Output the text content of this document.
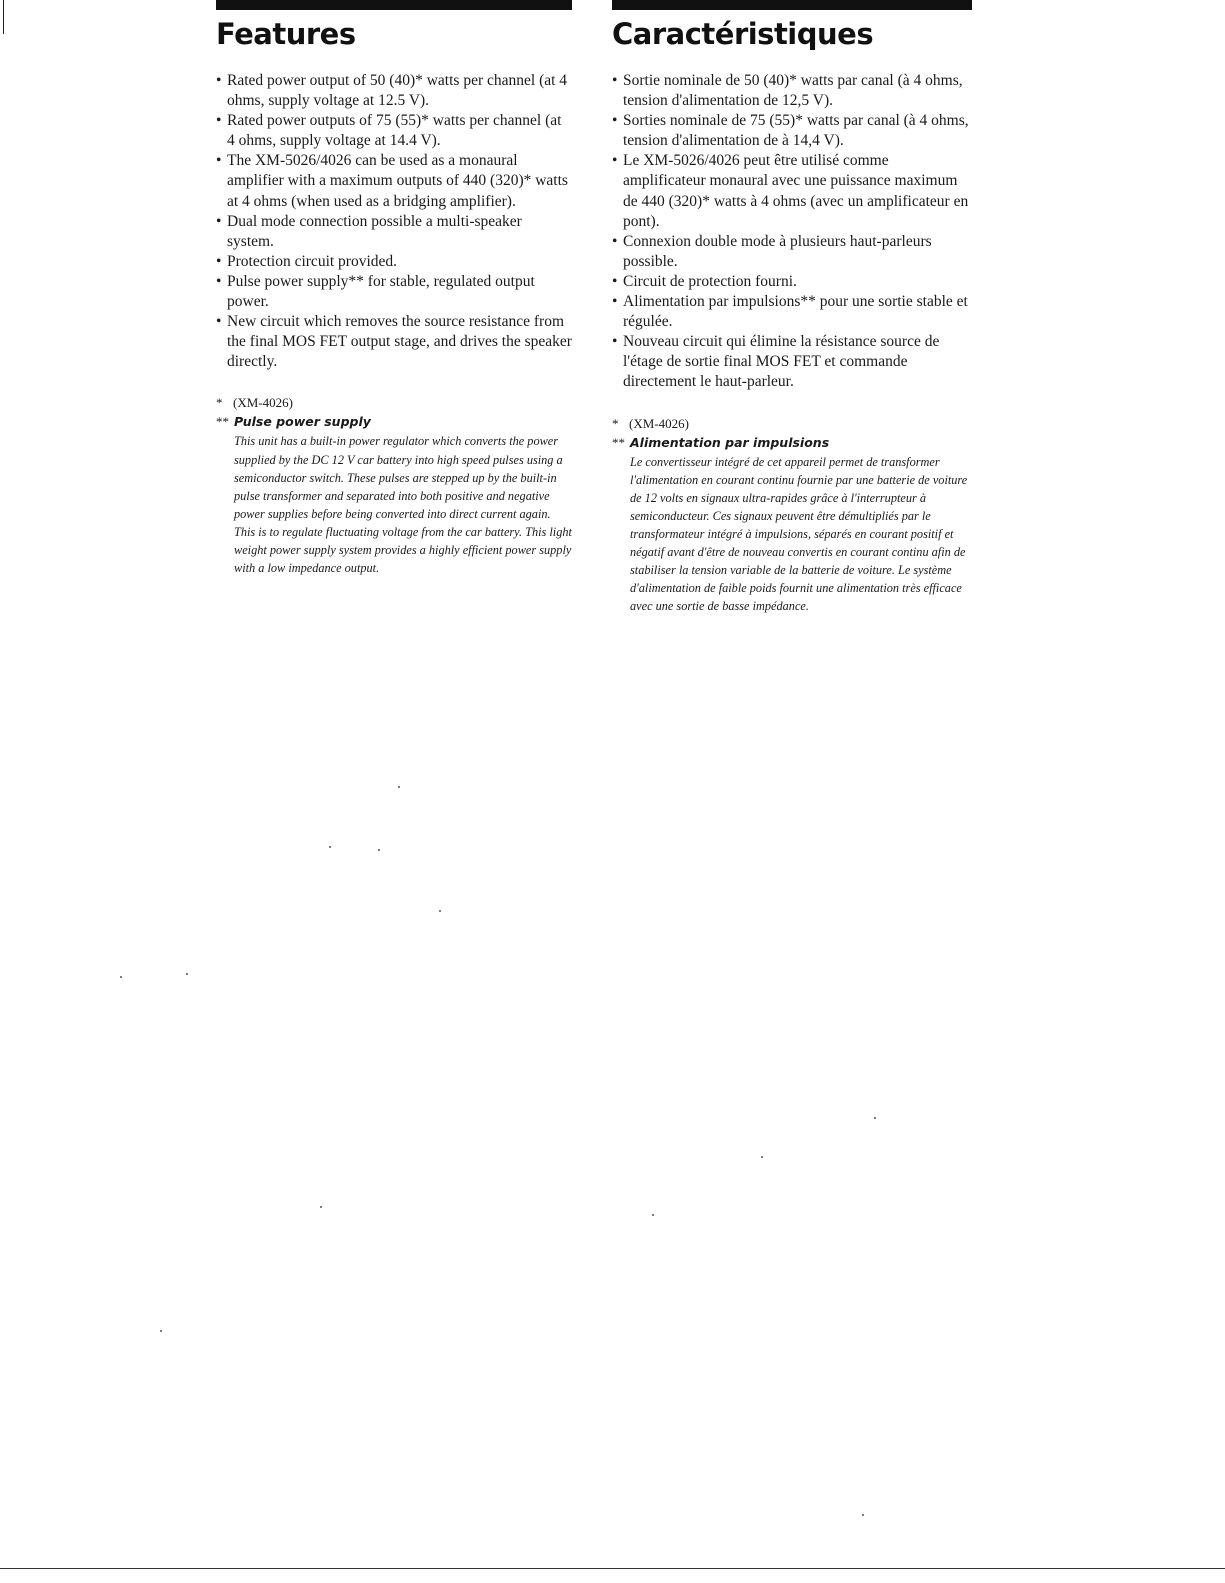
Features
• Rated power output of 50 (40)* watts per channel (at 4 ohms, supply voltage at 12.5 V).
• Rated power outputs of 75 (55)* watts per channel (at 4 ohms, supply voltage at 14.4 V).
• The XM-5026/4026 can be used as a monaural amplifier with a maximum outputs of 440 (320)* watts at 4 ohms (when used as a bridging amplifier).
• Dual mode connection possible a multi-speaker system.
• Protection circuit provided.
• Pulse power supply** for stable, regulated output power.
• New circuit which removes the source resistance from the final MOS FET output stage, and drives the speaker directly.
* (XM-4026)
** Pulse power supply
This unit has a built-in power regulator which converts the power supplied by the DC 12 V car battery into high speed pulses using a semiconductor switch. These pulses are stepped up by the built-in pulse transformer and separated into both positive and negative power supplies before being converted into direct current again. This is to regulate fluctuating voltage from the car battery. This light weight power supply system provides a highly efficient power supply with a low impedance output.
Caractéristiques
• Sortie nominale de 50 (40)* watts par canal (à 4 ohms, tension d'alimentation de 12,5 V).
• Sorties nominale de 75 (55)* watts par canal (à 4 ohms, tension d'alimentation de à 14,4 V).
• Le XM-5026/4026 peut être utilisé comme amplificateur monaural avec une puissance maximum de 440 (320)* watts à 4 ohms (avec un amplificateur en pont).
• Connexion double mode à plusieurs haut-parleurs possible.
• Circuit de protection fourni.
• Alimentation par impulsions** pour une sortie stable et régulée.
• Nouveau circuit qui élimine la résistance source de l'étage de sortie final MOS FET et commande directement le haut-parleur.
* (XM-4026)
** Alimentation par impulsions
Le convertisseur intégré de cet appareil permet de transformer l'alimentation en courant continu fournie par une batterie de voiture de 12 volts en signaux ultra-rapides grâce à l'interrupteur à semiconducteur. Ces signaux peuvent être démultipliés par le transformateur intégré à impulsions, séparés en courant positif et négatif avant d'être de nouveau convertis en courant continu afin de stabiliser la tension variable de la batterie de voiture. Le système d'alimentation de faible poids fournit une alimentation très efficace avec une sortie de basse impédance.
